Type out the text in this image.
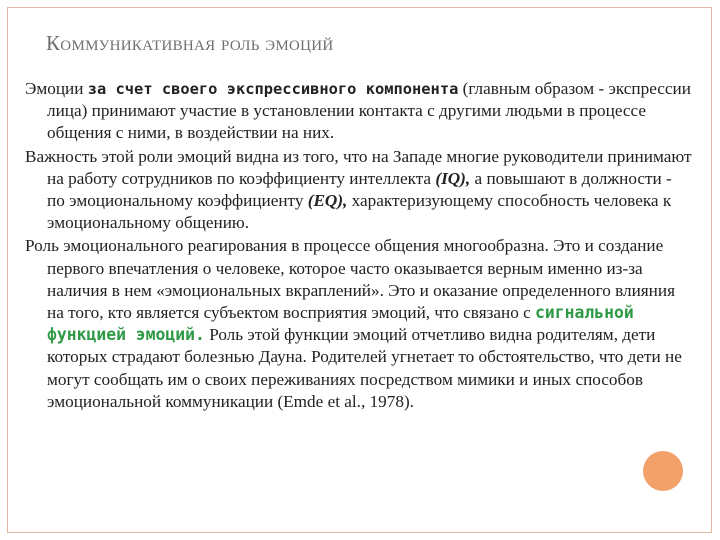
Коммуникативная роль эмоций

Эмоции за счет своего экспрессивного компонента (главным образом - экспрессии лица) принимают участие в установлении контакта с другими людьми в процессе общения с ними, в воздействии на них.

Важность этой роли эмоций видна из того, что на Западе многие руководители принимают на работу сотрудников по коэффициенту интеллекта (IQ), а повышают в должности - по эмоциональному коэффициенту (EQ), характеризующему способность человека к эмоциональному общению.

Роль эмоционального реагирования в процессе общения многообразна. Это и создание первого впечатления о человеке, которое часто оказывается верным именно из-за наличия в нем «эмоциональных вкраплений». Это и оказание определенного влияния на того, кто является субъектом восприятия эмоций, что связано с сигнальной функцией эмоций. Роль этой функции эмоций отчетливо видна родителям, дети которых страдают болезнью Дауна. Родителей угнетает то обстоятельство, что дети не могут сообщать им о своих переживаниях посредством мимики и иных способов эмоциональной коммуникации (Emde et al., 1978).
